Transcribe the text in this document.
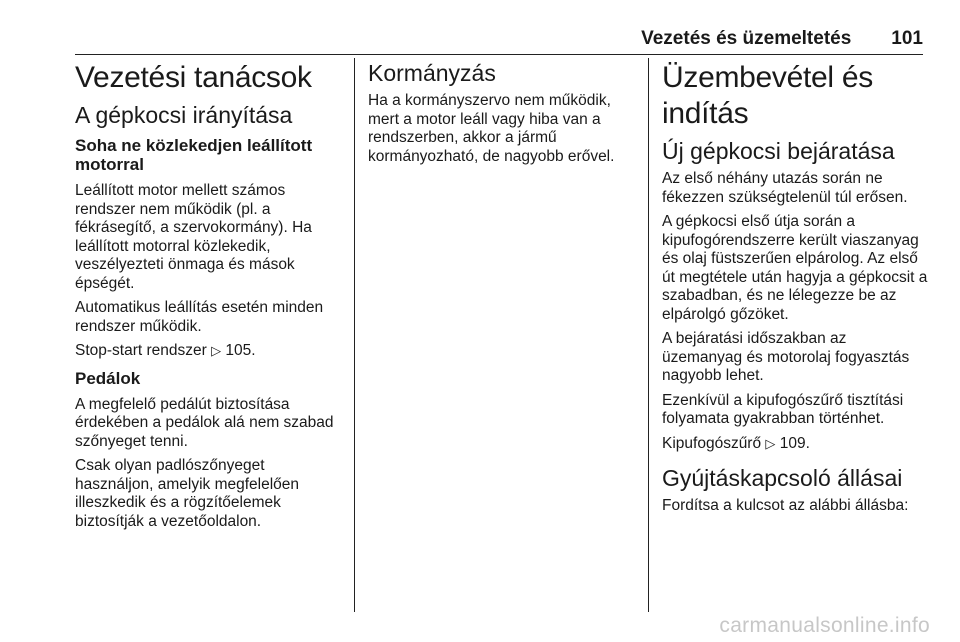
Vezetés és üzemeltetés 101
Vezetési tanácsok
A gépkocsi irányítása
Soha ne közlekedjen leállított motorral

Leállított motor mellett számos rendszer nem működik (pl. a fékrásegítő, a szervokormány). Ha leállított motorral közlekedik, veszélyezteti önmaga és mások épségét.

Automatikus leállítás esetén minden rendszer működik.

Stop-start rendszer ▷ 105.

Pedálok

A megfelelő pedálút biztosítása érdekében a pedálok alá nem szabad szőnyeget tenni.

Csak olyan padlószőnyeget használjon, amelyik megfelelően illeszkedik és a rögzítőelemek biztosítják a vezetőoldalon.

Kormányzás

Ha a kormányszervo nem működik, mert a motor leáll vagy hiba van a rendszerben, akkor a jármű kormányozható, de nagyobb erővel.

Üzembevétel és indítás
Új gépkocsi bejáratása

Az első néhány utazás során ne fékezzen szükségtelenül túl erősen.

A gépkocsi első útja során a kipufogórendszerre került viaszanyag és olaj füstszerűen elpárolog. Az első út megtétele után hagyja a gépkocsit a szabadban, és ne lélegezze be az elpárolgó gőzöket.

A bejáratási időszakban az üzemanyag és motorolaj fogyasztás nagyobb lehet.

Ezenkívül a kipufogószűrő tisztítási folyamata gyakrabban történhet.

Kipufogószűrő ▷ 109.

Gyújtáskapcsoló állásai

Fordítsa a kulcsot az alábbi állásba:

carmanualsonline.info
